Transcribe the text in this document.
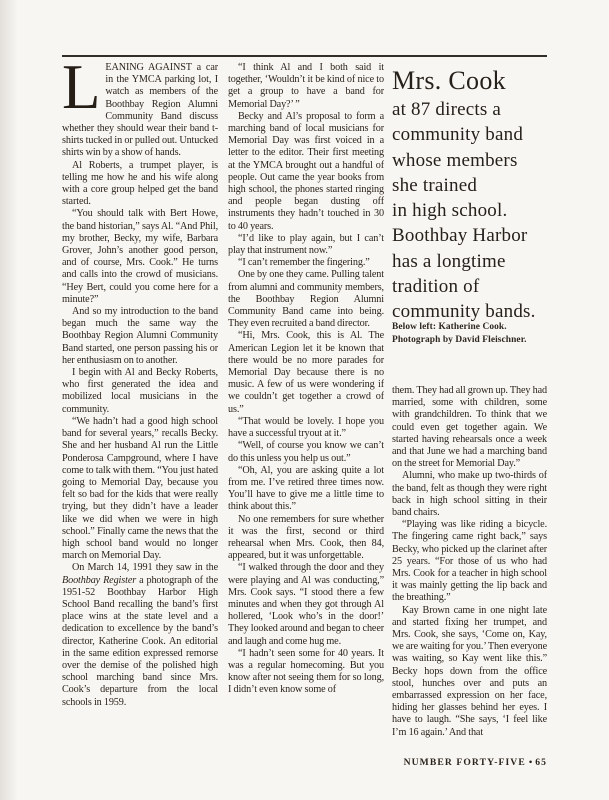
LEANING AGAINST a car in the YMCA parking lot, I watch as members of the Boothbay Region Alumni Community Band discuss whether they should wear their band t-shirts tucked in or pulled out. Untucked shirts win by a show of hands.

Al Roberts, a trumpet player, is telling me how he and his wife along with a core group helped get the band started.

“You should talk with Bert Howe, the band historian,” says Al. “And Phil, my brother, Becky, my wife, Barbara Grover, John’s another good person, and of course, Mrs. Cook.” He turns and calls into the crowd of musicians. “Hey Bert, could you come here for a minute?”

And so my introduction to the band began much the same way the Boothbay Region Alumni Community Band started, one person passing his or her enthusiasm on to another.

I begin with Al and Becky Roberts, who first generated the idea and mobilized local musicians in the community.

“We hadn’t had a good high school band for several years,” recalls Becky. She and her husband Al run the Little Ponderosa Campground, where I have come to talk with them. “You just hated going to Memorial Day, because you felt so bad for the kids that were really trying, but they didn’t have a leader like we did when we were in high school.” Finally came the news that the high school band would no longer march on Memorial Day.

On March 14, 1991 they saw in the Boothbay Register a photograph of the 1951-52 Boothbay Harbor High School Band recalling the band’s first place wins at the state level and a dedication to excellence by the band’s director, Katherine Cook. An editorial in the same edition expressed remorse over the demise of the polished high school marching band since Mrs. Cook’s departure from the local schools in 1959.

“I think Al and I both said it together, ‘Wouldn’t it be kind of nice to get a group to have a band for Memorial Day?’ ”

Becky and Al’s proposal to form a marching band of local musicians for Memorial Day was first voiced in a letter to the editor. Their first meeting at the YMCA brought out a handful of people. Out came the year books from high school, the phones started ringing and people began dusting off instruments they hadn’t touched in 30 to 40 years.

“I’d like to play again, but I can’t play that instrument now.”

“I can’t remember the fingering.”

One by one they came. Pulling talent from alumni and community members, the Boothbay Region Alumni Community Band came into being. They even recruited a band director.

“Hi, Mrs. Cook, this is Al. The American Legion let it be known that there would be no more parades for Memorial Day because there is no music. A few of us were wondering if we couldn’t get together a crowd of us.”

“That would be lovely. I hope you have a successful tryout at it.”

“Well, of course you know we can’t do this unless you help us out.”

“Oh, Al, you are asking quite a lot from me. I’ve retired three times now. You’ll have to give me a little time to think about this.”

No one remembers for sure whether it was the first, second or third rehearsal when Mrs. Cook, then 84, appeared, but it was unforgettable.

“I walked through the door and they were playing and Al was conducting,” Mrs. Cook says. “I stood there a few minutes and when they got through Al hollered, ‘Look who’s in the door!’ They looked around and began to cheer and laugh and come hug me.

“I hadn’t seen some for 40 years. It was a regular homecoming. But you know after not seeing them for so long, I didn’t even know some of

Mrs. Cook
at 87 directs a
community band
whose members
she trained
in high school.
Boothbay Harbor
has a longtime
tradition of
community bands.
Below left: Katherine Cook.
Photograph by David Fleischner.

them. They had all grown up. They had married, some with children, some with grandchildren. To think that we could even get together again. We started having rehearsals once a week and that June we had a marching band on the street for Memorial Day.”

Alumni, who make up two-thirds of the band, felt as though they were right back in high school sitting in their band chairs.

“Playing was like riding a bicycle. The fingering came right back,” says Becky, who picked up the clarinet after 25 years. “For those of us who had Mrs. Cook for a teacher in high school it was mainly getting the lip back and the breathing.”

Kay Brown came in one night late and started fixing her trumpet, and Mrs. Cook, she says, ‘Come on, Kay, we are waiting for you.’ Then everyone was waiting, so Kay went like this.” Becky hops down from the office stool, hunches over and puts an embarrassed expression on her face, hiding her glasses behind her eyes. I have to laugh. “She says, ‘I feel like I’m 16 again.’ And that

NUMBER FORTY-FIVE • 65
